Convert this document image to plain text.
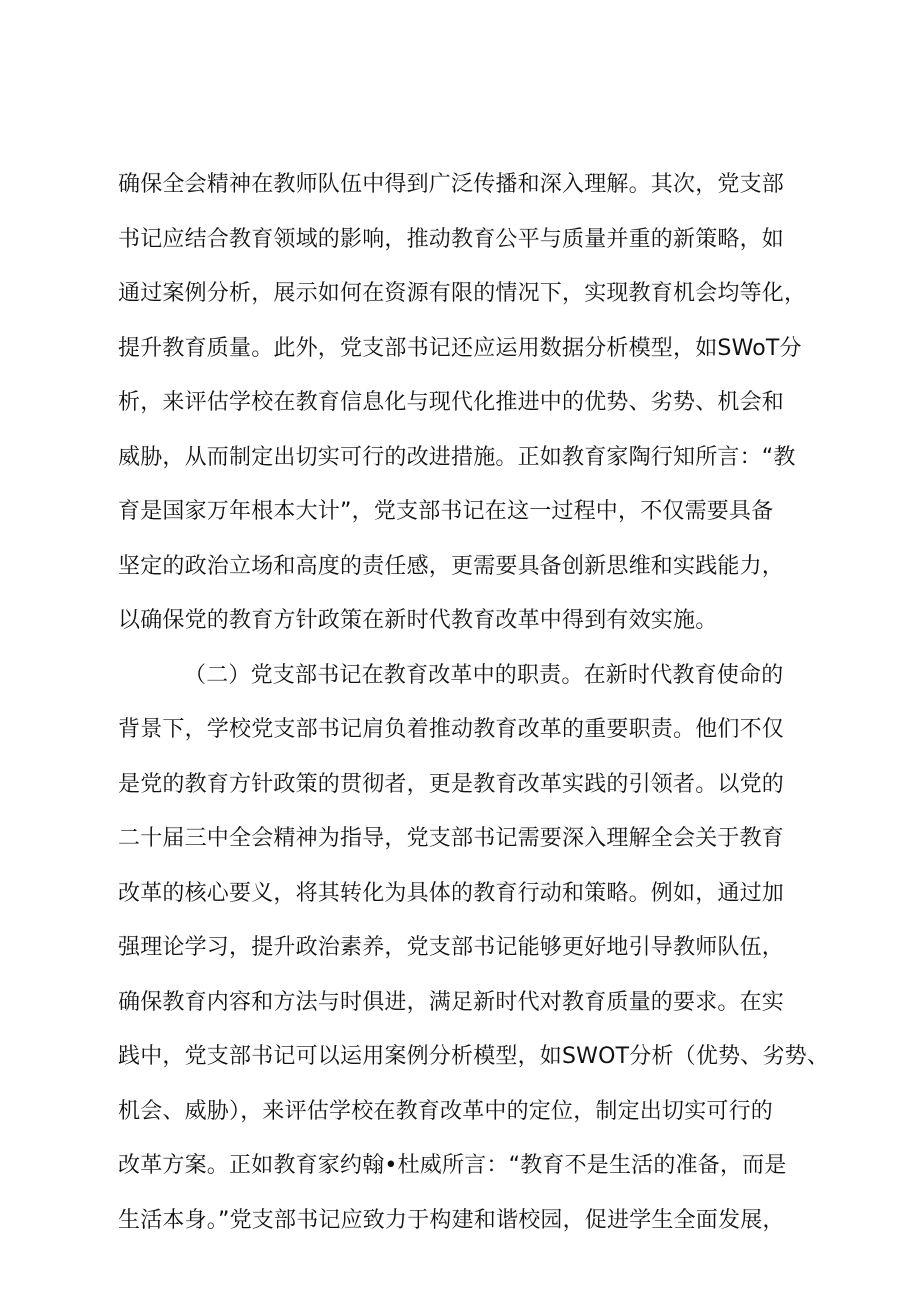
确保全会精神在教师队伍中得到广泛传播和深入理解。其次，党支部
书记应结合教育领域的影响，推动教育公平与质量并重的新策略，如
通过案例分析，展示如何在资源有限的情况下，实现教育机会均等化，
提升教育质量。此外，党支部书记还应运用数据分析模型，如SWoT分
析，来评估学校在教育信息化与现代化推进中的优势、劣势、机会和
威胁，从而制定出切实可行的改进措施。正如教育家陶行知所言：“教
育是国家万年根本大计”，党支部书记在这一过程中，不仅需要具备
坚定的政治立场和高度的责任感，更需要具备创新思维和实践能力，
以确保党的教育方针政策在新时代教育改革中得到有效实施。
（二）党支部书记在教育改革中的职责。在新时代教育使命的
背景下，学校党支部书记肩负着推动教育改革的重要职责。他们不仅
是党的教育方针政策的贯彻者，更是教育改革实践的引领者。以党的
二十届三中全会精神为指导，党支部书记需要深入理解全会关于教育
改革的核心要义，将其转化为具体的教育行动和策略。例如，通过加
强理论学习，提升政治素养，党支部书记能够更好地引导教师队伍，
确保教育内容和方法与时俱进，满足新时代对教育质量的要求。在实
践中，党支部书记可以运用案例分析模型，如SWOT分析（优势、劣势、
机会、威胁），来评估学校在教育改革中的定位，制定出切实可行的
改革方案。正如教育家约翰•杜威所言：“教育不是生活的准备，而是
生活本身。”党支部书记应致力于构建和谐校园，促进学生全面发展，
